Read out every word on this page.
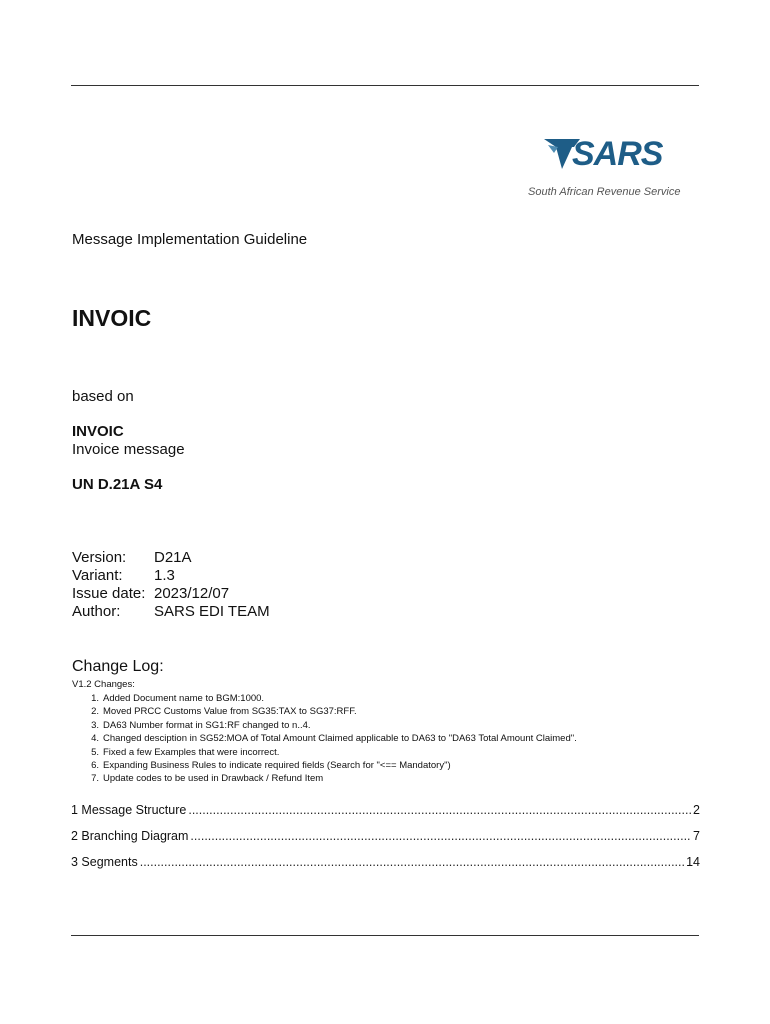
SARS
South African Revenue Service
Message Implementation Guideline
INVOIC
based on
INVOIC
Invoice message
UN D.21A S4
Version:	D21A
Variant:	1.3
Issue date: 2023/12/07
Author:	SARS EDI TEAM
Change Log:
V1.2 Changes:
1. Added Document name to BGM:1000.
2. Moved PRCC Customs Value from SG35:TAX to SG37:RFF.
3. DA63 Number format in SG1:RF changed to n..4.
4. Changed desciption in SG52:MOA of Total Amount Claimed applicable to DA63 to "DA63 Total Amount Claimed".
5. Fixed a few Examples that were incorrect.
6. Expanding Business Rules to indicate required fields (Search for "<== Mandatory")
7. Update codes to be used in Drawback / Refund Item
1 Message Structure .....	2
2 Branching Diagram .....	7
3 Segments .....	14
